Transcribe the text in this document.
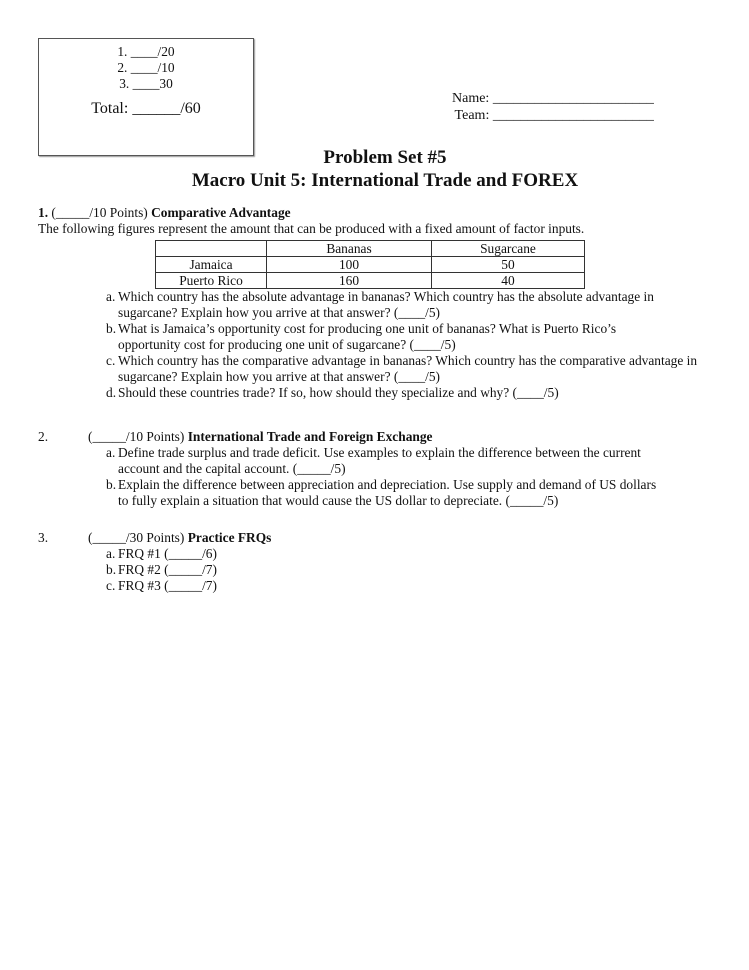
1. ____/20
2. ____/10
3. ____30
Total: ______/60
Name: _______________________
Team: _______________________
Problem Set #5
Macro Unit 5: International Trade and FOREX
1. (_____/10 Points) Comparative Advantage
The following figures represent the amount that can be produced with a fixed amount of factor inputs.
	Bananas	Sugarcane
Jamaica	100	50
Puerto Rico	160	40
a. Which country has the absolute advantage in bananas? Which country has the absolute advantage in sugarcane? Explain how you arrive at that answer? (____/5)
b. What is Jamaica’s opportunity cost for producing one unit of bananas? What is Puerto Rico’s opportunity cost for producing one unit of sugarcane? (____/5)
c. Which country has the comparative advantage in bananas? Which country has the comparative advantage in sugarcane? Explain how you arrive at that answer? (____/5)
d. Should these countries trade? If so, how should they specialize and why? (____/5)
2.	(_____/10 Points) International Trade and Foreign Exchange
a. Define trade surplus and trade deficit. Use examples to explain the difference between the current account and the capital account. (_____/5)
b. Explain the difference between appreciation and depreciation. Use supply and demand of US dollars to fully explain a situation that would cause the US dollar to depreciate. (_____/5)
3.	(_____/30 Points) Practice FRQs
a. FRQ #1 (_____/6)
b. FRQ #2 (_____/7)
c. FRQ #3 (_____/7)
